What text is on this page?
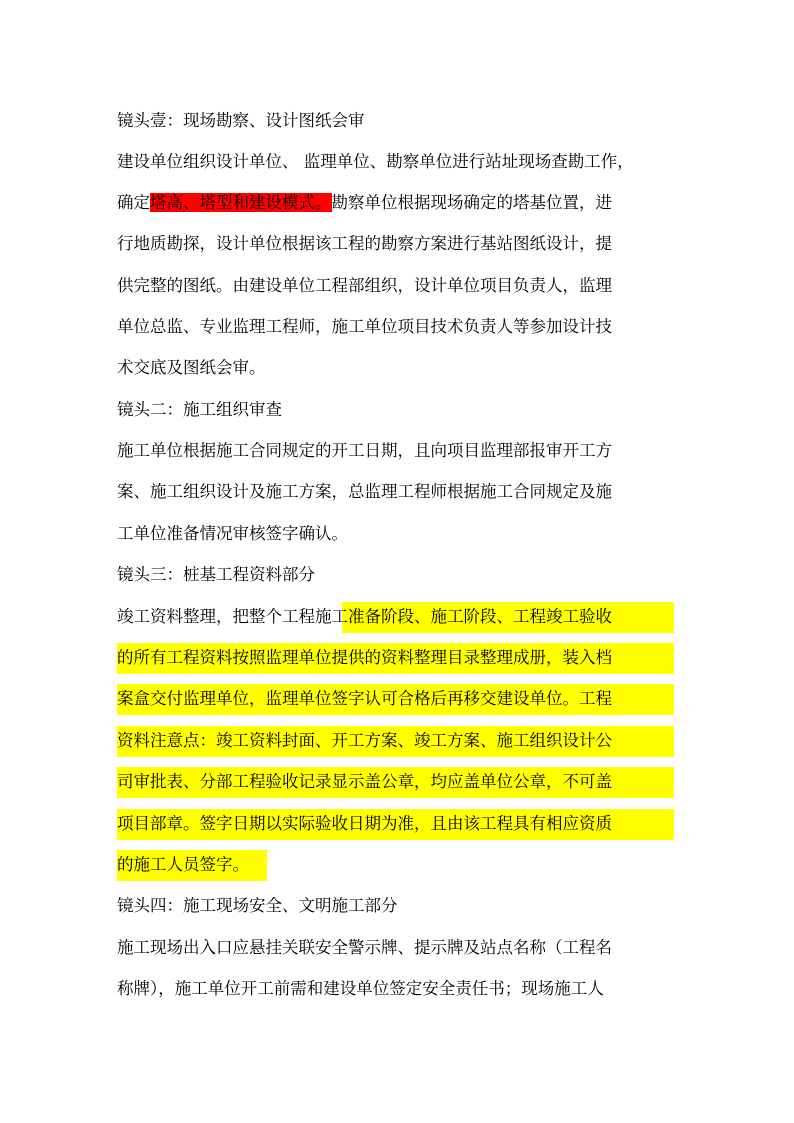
镜头壹：现场勘察、设计图纸会审
建设单位组织设计单位、 监理单位、勘察单位进行站址现场查勘工作，
确定塔高、塔型和建设模式。勘察单位根据现场确定的塔基位置，进
行地质勘探，设计单位根据该工程的勘察方案进行基站图纸设计，提
供完整的图纸。由建设单位工程部组织，设计单位项目负责人，监理
单位总监、专业监理工程师，施工单位项目技术负责人等参加设计技
术交底及图纸会审。
镜头二：施工组织审查
施工单位根据施工合同规定的开工日期，且向项目监理部报审开工方
案、施工组织设计及施工方案，总监理工程师根据施工合同规定及施
工单位准备情况审核签字确认。
镜头三：桩基工程资料部分
竣工资料整理，把整个工程施工准备阶段、施工阶段、工程竣工验收
的所有工程资料按照监理单位提供的资料整理目录整理成册，装入档
案盒交付监理单位，监理单位签字认可合格后再移交建设单位。工程
资料注意点：竣工资料封面、开工方案、竣工方案、施工组织设计公
司审批表、分部工程验收记录显示盖公章，均应盖单位公章，不可盖
项目部章。签字日期以实际验收日期为准，且由该工程具有相应资质
的施工人员签字。
镜头四：施工现场安全、文明施工部分
施工现场出入口应悬挂关联安全警示牌、提示牌及站点名称（工程名
称牌），施工单位开工前需和建设单位签定安全责任书；现场施工人
